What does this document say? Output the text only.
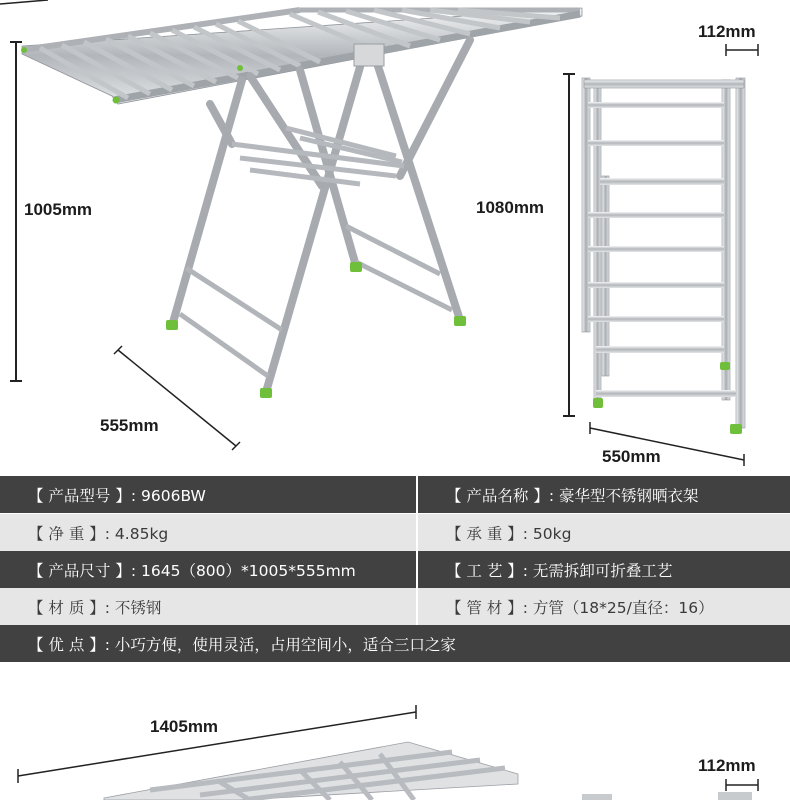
1005mm
555mm
112mm
1080mm
550mm
1405mm
112mm
【 产品型号 】: 9606BW	【 产品名称 】: 豪华型不锈钢晒衣架
【 净 重 】: 4.85kg	【 承 重 】: 50kg
【 产品尺寸 】: 1645（800）*1005*555mm	【 工 艺 】: 无需拆卸可折叠工艺
【 材 质 】: 不锈钢	【 管 材 】: 方管（18*25/直径：16）
【 优 点 】: 小巧方便，使用灵活，占用空间小，适合三口之家
